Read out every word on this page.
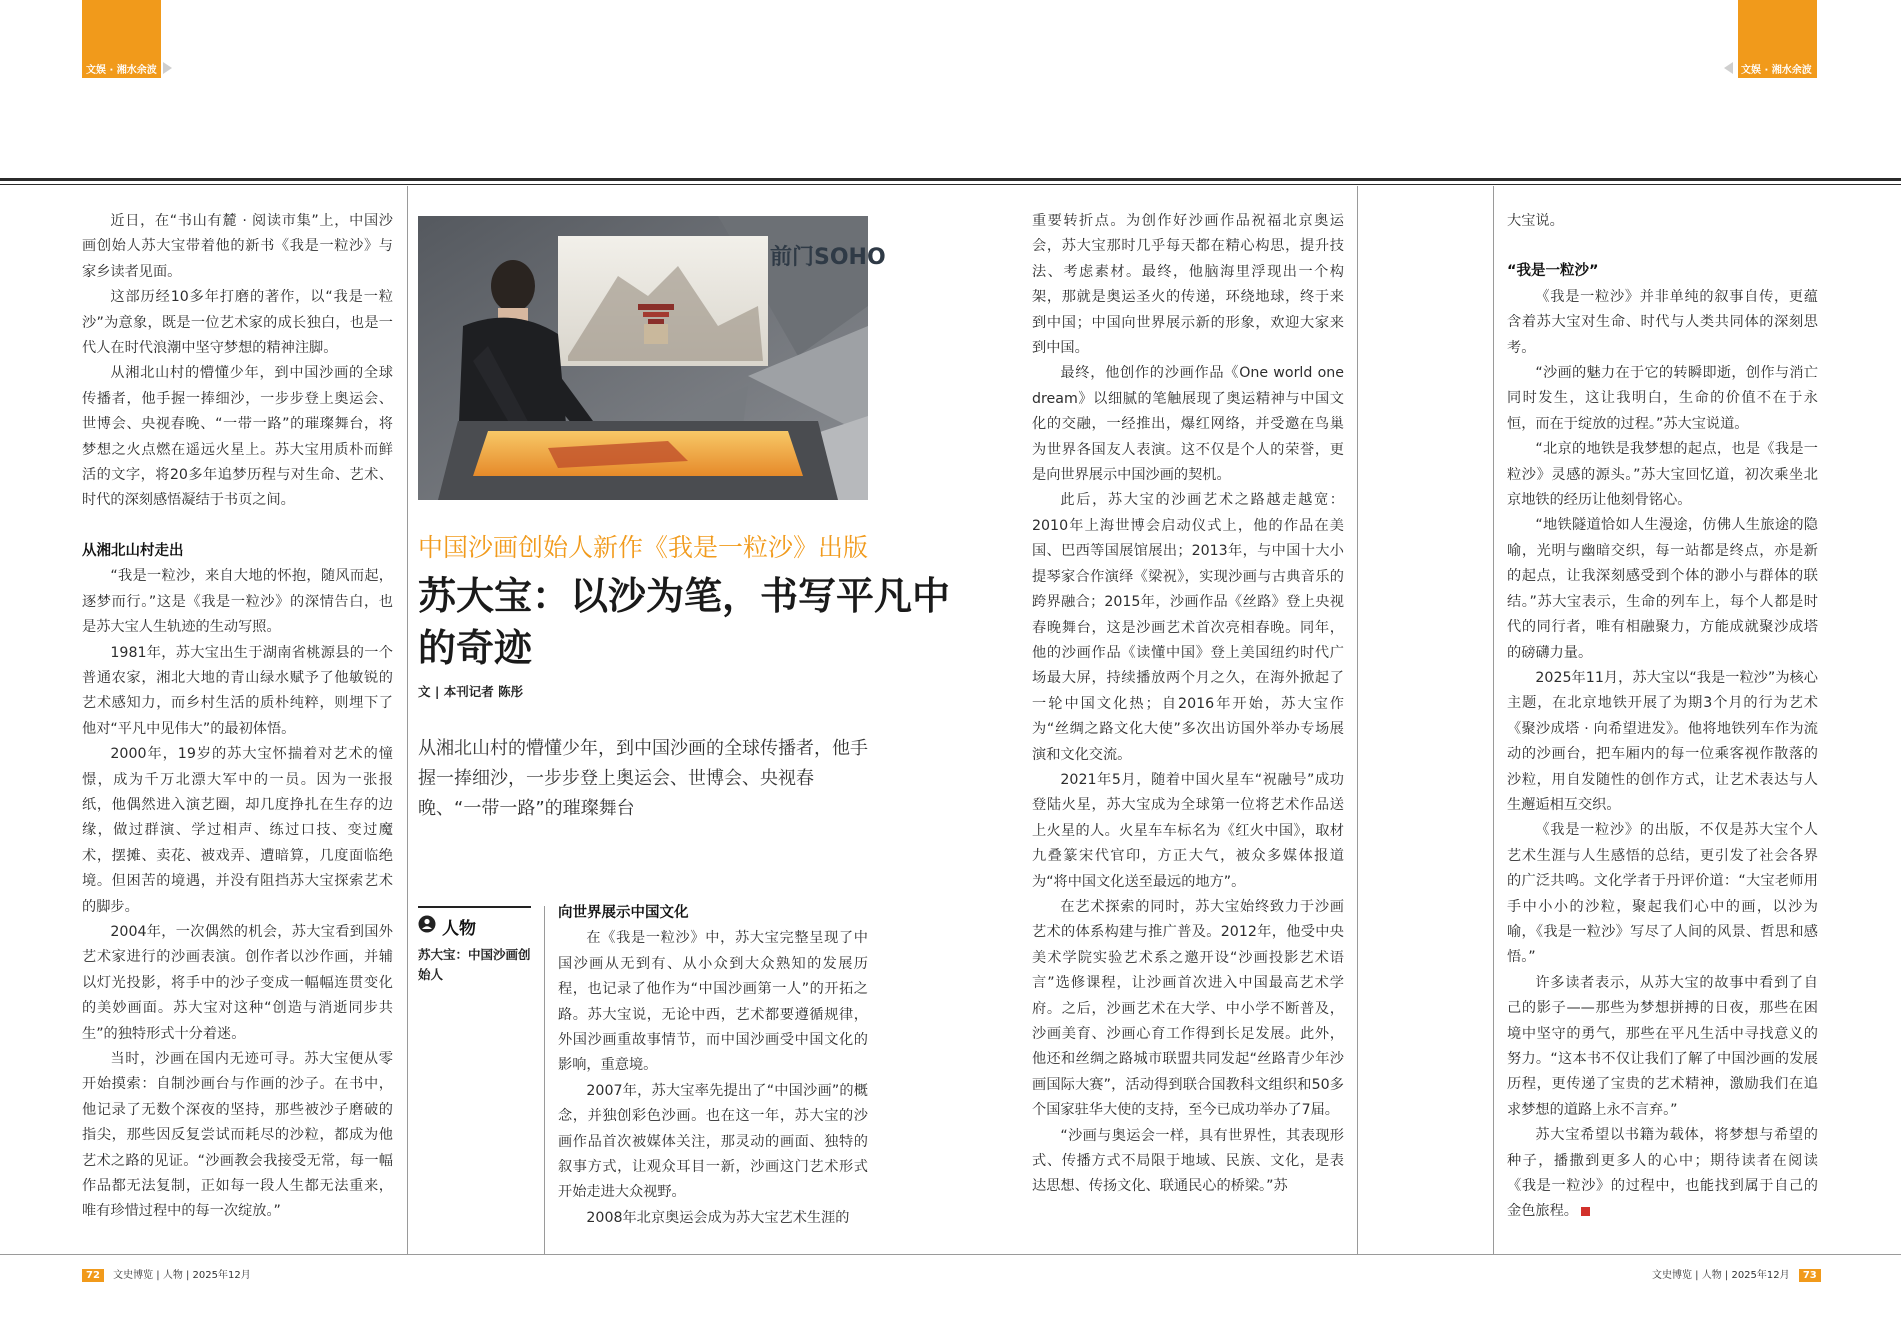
文娱 · 湘水余波	文娱 · 湘水余波

近日，在“书山有麓 · 阅读市集”上，中国沙画创始人苏大宝带着他的新书《我是一粒沙》与家乡读者见面。

这部历经10多年打磨的著作，以“我是一粒沙”为意象，既是一位艺术家的成长独白，也是一代人在时代浪潮中坚守梦想的精神注脚。

从湘北山村的懵懂少年，到中国沙画的全球传播者，他手握一捧细沙，一步步登上奥运会、世博会、央视春晚、“一带一路”的璀璨舞台，将梦想之火点燃在遥远火星上。苏大宝用质朴而鲜活的文字，将20多年追梦历程与对生命、艺术、时代的深刻感悟凝结于书页之间。

从湘北山村走出

“我是一粒沙，来自大地的怀抱，随风而起，逐梦而行。”这是《我是一粒沙》的深情告白，也是苏大宝人生轨迹的生动写照。

1981年，苏大宝出生于湖南省桃源县的一个普通农家，湘北大地的青山绿水赋予了他敏锐的艺术感知力，而乡村生活的质朴纯粹，则埋下了他对“平凡中见伟大”的最初体悟。

2000年，19岁的苏大宝怀揣着对艺术的憧憬，成为千万北漂大军中的一员。因为一张报纸，他偶然进入演艺圈，却几度挣扎在生存的边缘，做过群演、学过相声、练过口技、变过魔术，摆摊、卖花、被戏弄、遭暗算，几度面临绝境。但困苦的境遇，并没有阻挡苏大宝探索艺术的脚步。

2004年，一次偶然的机会，苏大宝看到国外艺术家进行的沙画表演。创作者以沙作画，并辅以灯光投影，将手中的沙子变成一幅幅连贯变化的美妙画面。苏大宝对这种“创造与消逝同步共生”的独特形式十分着迷。

当时，沙画在国内无迹可寻。苏大宝便从零开始摸索：自制沙画台与作画的沙子。在书中，他记录了无数个深夜的坚持，那些被沙子磨破的指尖，那些因反复尝试而耗尽的沙粒，都成为他艺术之路的见证。“沙画教会我接受无常，每一幅作品都无法复制，正如每一段人生都无法重来，唯有珍惜过程中的每一次绽放。”

前门SOHO
中国沙画创始人新作《我是一粒沙》出版
苏大宝：以沙为笔，书写平凡中的奇迹
文 | 本刊记者 陈彤
从湘北山村的懵懂少年，到中国沙画的全球传播者，他手握一捧细沙，一步步登上奥运会、世博会、央视春晚、“一带一路”的璀璨舞台
人物
苏大宝：中国沙画创始人
向世界展示中国文化

在《我是一粒沙》中，苏大宝完整呈现了中国沙画从无到有、从小众到大众熟知的发展历程，也记录了他作为“中国沙画第一人”的开拓之路。苏大宝说，无论中西，艺术都要遵循规律，外国沙画重故事情节，而中国沙画受中国文化的影响，重意境。

2007年，苏大宝率先提出了“中国沙画”的概念，并独创彩色沙画。也在这一年，苏大宝的沙画作品首次被媒体关注，那灵动的画面、独特的叙事方式，让观众耳目一新，沙画这门艺术形式开始走进大众视野。

2008年北京奥运会成为苏大宝艺术生涯的

重要转折点。为创作好沙画作品祝福北京奥运会，苏大宝那时几乎每天都在精心构思，提升技法、考虑素材。最终，他脑海里浮现出一个构架，那就是奥运圣火的传递，环绕地球，终于来到中国；中国向世界展示新的形象，欢迎大家来到中国。

最终，他创作的沙画作品《One world one dream》以细腻的笔触展现了奥运精神与中国文化的交融，一经推出，爆红网络，并受邀在鸟巢为世界各国友人表演。这不仅是个人的荣誉，更是向世界展示中国沙画的契机。

此后，苏大宝的沙画艺术之路越走越宽：2010年上海世博会启动仪式上，他的作品在美国、巴西等国展馆展出；2013年，与中国十大小提琴家合作演绎《梁祝》，实现沙画与古典音乐的跨界融合；2015年，沙画作品《丝路》登上央视春晚舞台，这是沙画艺术首次亮相春晚。同年，他的沙画作品《读懂中国》登上美国纽约时代广场最大屏，持续播放两个月之久，在海外掀起了一轮中国文化热；自2016年开始，苏大宝作为“丝绸之路文化大使”多次出访国外举办专场展演和文化交流。

2021年5月，随着中国火星车“祝融号”成功登陆火星，苏大宝成为全球第一位将艺术作品送上火星的人。火星车车标名为《红火中国》，取材九叠篆宋代官印，方正大气，被众多媒体报道为“将中国文化送至最远的地方”。

在艺术探索的同时，苏大宝始终致力于沙画艺术的体系构建与推广普及。2012年，他受中央美术学院实验艺术系之邀开设“沙画投影艺术语言”选修课程，让沙画首次进入中国最高艺术学府。之后，沙画艺术在大学、中小学不断普及，沙画美育、沙画心育工作得到长足发展。此外，他还和丝绸之路城市联盟共同发起“丝路青少年沙画国际大赛”，活动得到联合国教科文组织和50多个国家驻华大使的支持，至今已成功举办了7届。

“沙画与奥运会一样，具有世界性，其表现形式、传播方式不局限于地域、民族、文化，是表达思想、传扬文化、联通民心的桥梁。”苏

大宝说。

“我是一粒沙”

《我是一粒沙》并非单纯的叙事自传，更蕴含着苏大宝对生命、时代与人类共同体的深刻思考。

“沙画的魅力在于它的转瞬即逝，创作与消亡同时发生，这让我明白，生命的价值不在于永恒，而在于绽放的过程。”苏大宝说道。

“北京的地铁是我梦想的起点，也是《我是一粒沙》灵感的源头。”苏大宝回忆道，初次乘坐北京地铁的经历让他刻骨铭心。

“地铁隧道恰如人生漫途，仿佛人生旅途的隐喻，光明与幽暗交织，每一站都是终点，亦是新的起点，让我深刻感受到个体的渺小与群体的联结。”苏大宝表示，生命的列车上，每个人都是时代的同行者，唯有相融聚力，方能成就聚沙成塔的磅礴力量。

2025年11月，苏大宝以“我是一粒沙”为核心主题，在北京地铁开展了为期3个月的行为艺术《聚沙成塔 · 向希望进发》。他将地铁列车作为流动的沙画台，把车厢内的每一位乘客视作散落的沙粒，用自发随性的创作方式，让艺术表达与人生邂逅相互交织。

《我是一粒沙》的出版，不仅是苏大宝个人艺术生涯与人生感悟的总结，更引发了社会各界的广泛共鸣。文化学者于丹评价道：“大宝老师用手中小小的沙粒，聚起我们心中的画，以沙为喻，《我是一粒沙》写尽了人间的风景、哲思和感悟。”

许多读者表示，从苏大宝的故事中看到了自己的影子——那些为梦想拼搏的日夜，那些在困境中坚守的勇气，那些在平凡生活中寻找意义的努力。“这本书不仅让我们了解了中国沙画的发展历程，更传递了宝贵的艺术精神，激励我们在追求梦想的道路上永不言弃。”

苏大宝希望以书籍为载体，将梦想与希望的种子，播撒到更多人的心中；期待读者在阅读《我是一粒沙》的过程中，也能找到属于自己的金色旅程。

72 文史博览 | 人物 | 2025年12月	文史博览 | 人物 | 2025年12月 73
